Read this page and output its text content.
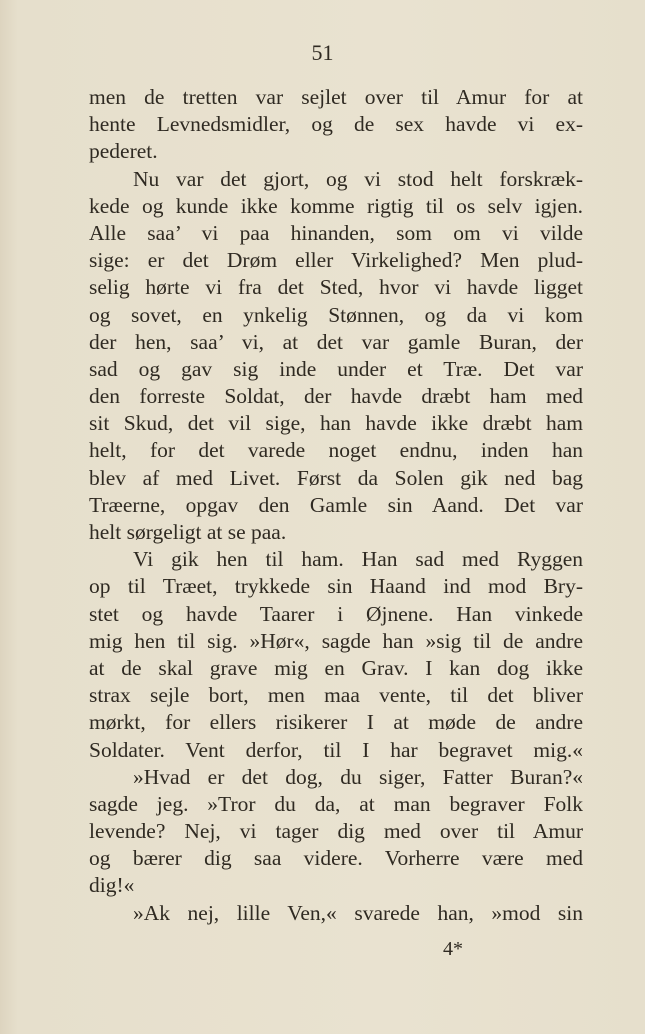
51
men de tretten var sejlet over til Amur for at
hente Levnedsmidler, og de sex havde vi ex-
pederet.
Nu var det gjort, og vi stod helt forskræk-
kede og kunde ikke komme rigtig til os selv igjen.
Alle saa’ vi paa hinanden, som om vi vilde
sige: er det Drøm eller Virkelighed? Men plud-
selig hørte vi fra det Sted, hvor vi havde ligget
og sovet, en ynkelig Stønnen, og da vi kom
der hen, saa’ vi, at det var gamle Buran, der
sad og gav sig inde under et Træ. Det var
den forreste Soldat, der havde dræbt ham med
sit Skud, det vil sige, han havde ikke dræbt ham
helt, for det varede noget endnu, inden han
blev af med Livet. Først da Solen gik ned bag
Træerne, opgav den Gamle sin Aand. Det var
helt sørgeligt at se paa.
Vi gik hen til ham. Han sad med Ryggen
op til Træet, trykkede sin Haand ind mod Bry-
stet og havde Taarer i Øjnene. Han vinkede
mig hen til sig. »Hør«, sagde han »sig til de andre
at de skal grave mig en Grav. I kan dog ikke
strax sejle bort, men maa vente, til det bliver
mørkt, for ellers risikerer I at møde de andre
Soldater. Vent derfor, til I har begravet mig.«
»Hvad er det dog, du siger, Fatter Buran?«
sagde jeg. »Tror du da, at man begraver Folk
levende? Nej, vi tager dig med over til Amur
og bærer dig saa videre. Vorherre være med
dig!«
»Ak nej, lille Ven,« svarede han, »mod sin
4*
